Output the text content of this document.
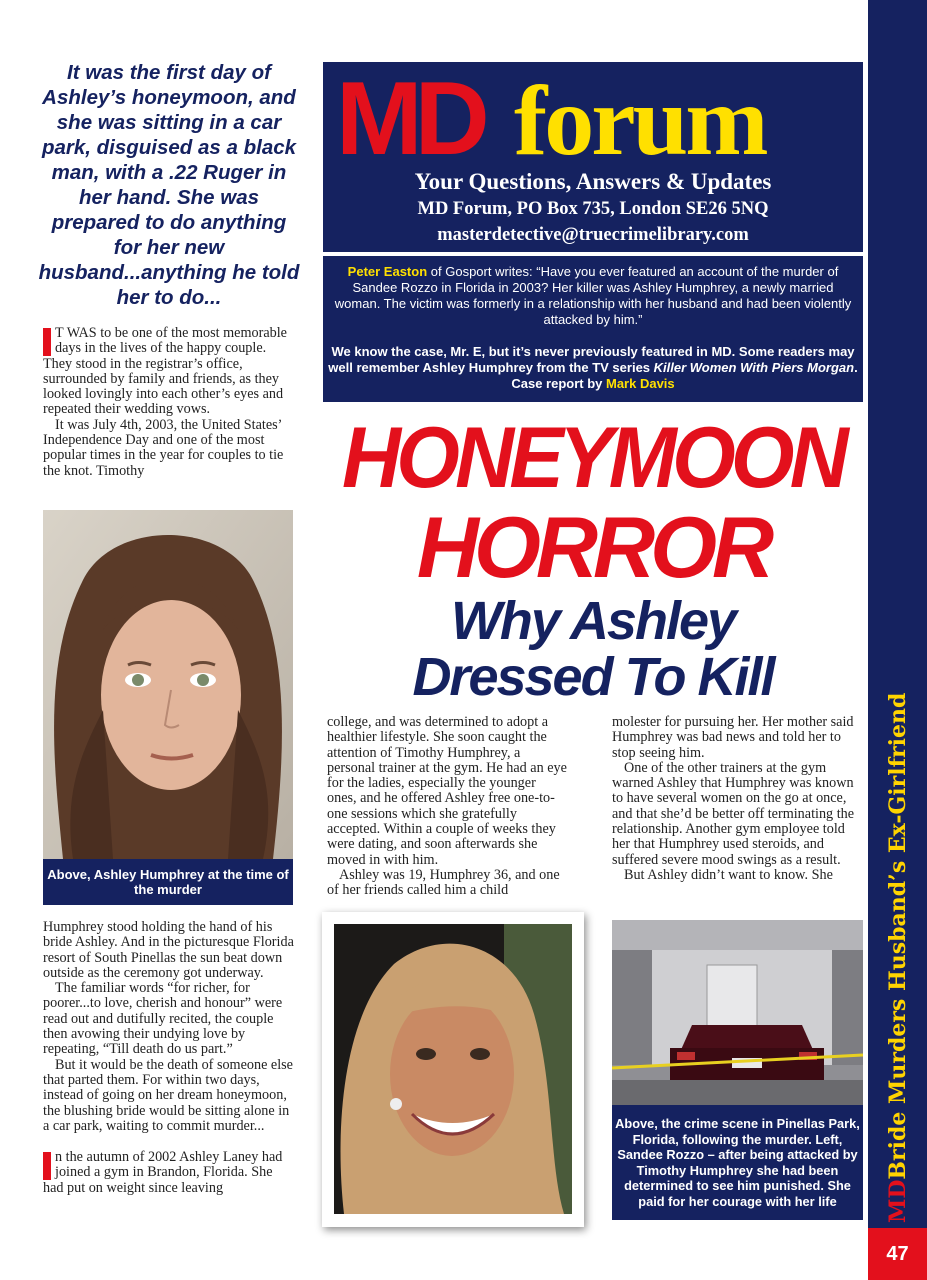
MDBride Murders Husband’s Ex-Girlfriend
47
It was the first day of Ashley’s honeymoon, and she was sitting in a car park, disguised as a black man, with a .22 Ruger in her hand. She was prepared to do anything for her new husband...anything he told her to do...

T WAS to be one of the most memorable days in the lives of the happy couple. They stood in the registrar’s office, surrounded by family and friends, as they looked lovingly into each other’s eyes and repeated their wedding vows.

It was July 4th, 2003, the United States’ Independence Day and one of the most popular times in the year for couples to tie the knot. Timothy

Above, Ashley Humphrey at the time of the murder

Humphrey stood holding the hand of his bride Ashley. And in the picturesque Florida resort of South Pinellas the sun beat down outside as the ceremony got underway.

The familiar words “for richer, for poorer...to love, cherish and honour” were read out and dutifully recited, the couple then avowing their undying love by repeating, “Till death do us part.”

But it would be the death of someone else that parted them. For within two days, instead of going on her dream honeymoon, the blushing bride would be sitting alone in a car park, waiting to commit murder...

n the autumn of 2002 Ashley Laney had joined a gym in Brandon, Florida. She had put on weight since leaving

MD forum
Your Questions, Answers & Updates
MD Forum, PO Box 735, London SE26 5NQ
masterdetective@truecrimelibrary.com
Peter Easton of Gosport writes: “Have you ever featured an account of the murder of Sandee Rozzo in Florida in 2003? Her killer was Ashley Humphrey, a newly married woman. The victim was formerly in a relationship with her husband and had been violently attacked by him.”
We know the case, Mr. E, but it’s never previously featured in MD. Some readers may well remember Ashley Humphrey from the TV series Killer Women With Piers Morgan. Case report by Mark Davis
HONEYMOON
HORROR
Why Ashley
Dressed To Kill

college, and was determined to adopt a healthier lifestyle. She soon caught the attention of Timothy Humphrey, a personal trainer at the gym. He had an eye for the ladies, especially the younger ones, and he offered Ashley free one-to-one sessions which she gratefully accepted. Within a couple of weeks they were dating, and soon afterwards she moved in with him.

Ashley was 19, Humphrey 36, and one of her friends called him a child

molester for pursuing her. Her mother said Humphrey was bad news and told her to stop seeing him.

One of the other trainers at the gym warned Ashley that Humphrey was known to have several women on the go at once, and that she’d be better off terminating the relationship. Another gym employee told her that Humphrey used steroids, and suffered severe mood swings as a result.

But Ashley didn’t want to know. She

Above, the crime scene in Pinellas Park, Florida, following the murder. Left, Sandee Rozzo – after being attacked by Timothy Humphrey she had been determined to see him punished. She paid for her courage with her life
